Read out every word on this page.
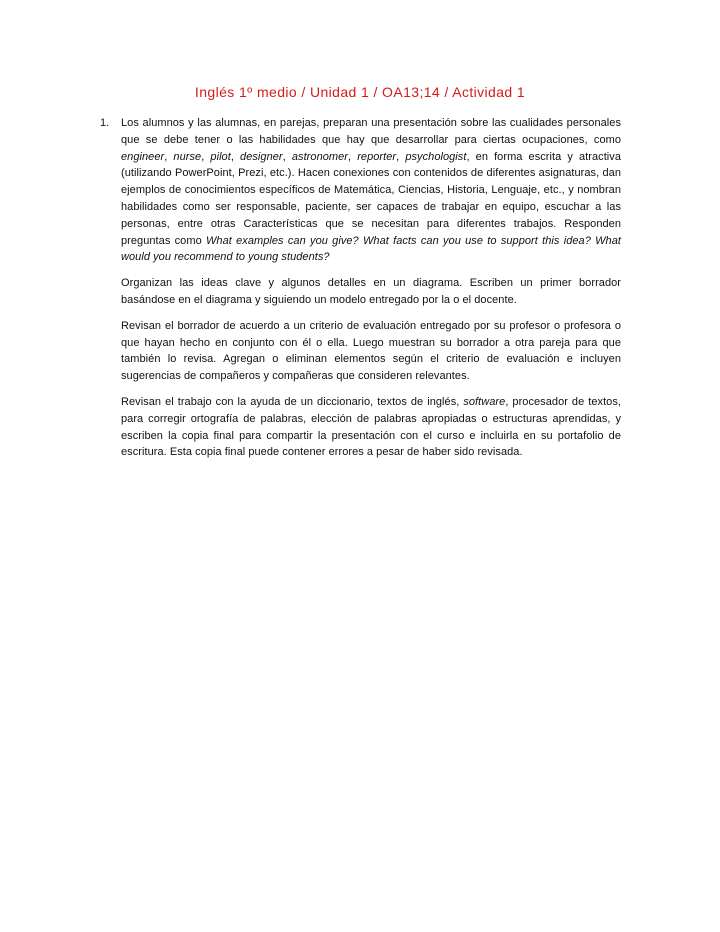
Inglés 1º medio / Unidad 1 / OA13;14 / Actividad 1
1. Los alumnos y las alumnas, en parejas, preparan una presentación sobre las cualidades personales que se debe tener o las habilidades que hay que desarrollar para ciertas ocupaciones, como engineer, nurse, pilot, designer, astronomer, reporter, psychologist, en forma escrita y atractiva (utilizando PowerPoint, Prezi, etc.). Hacen conexiones con contenidos de diferentes asignaturas, dan ejemplos de conocimientos específicos de Matemática, Ciencias, Historia, Lenguaje, etc., y nombran habilidades como ser responsable, paciente, ser capaces de trabajar en equipo, escuchar a las personas, entre otras Características que se necesitan para diferentes trabajos. Responden preguntas como What examples can you give? What facts can you use to support this idea? What would you recommend to young students?

Organizan las ideas clave y algunos detalles en un diagrama. Escriben un primer borrador basándose en el diagrama y siguiendo un modelo entregado por la o el docente.

Revisan el borrador de acuerdo a un criterio de evaluación entregado por su profesor o profesora o que hayan hecho en conjunto con él o ella. Luego muestran su borrador a otra pareja para que también lo revisa. Agregan o eliminan elementos según el criterio de evaluación e incluyen sugerencias de compañeros y compañeras que consideren relevantes.

Revisan el trabajo con la ayuda de un diccionario, textos de inglés, software, procesador de textos, para corregir ortografía de palabras, elección de palabras apropiadas o estructuras aprendidas, y escriben la copia final para compartir la presentación con el curso e incluirla en su portafolio de escritura. Esta copia final puede contener errores a pesar de haber sido revisada.
